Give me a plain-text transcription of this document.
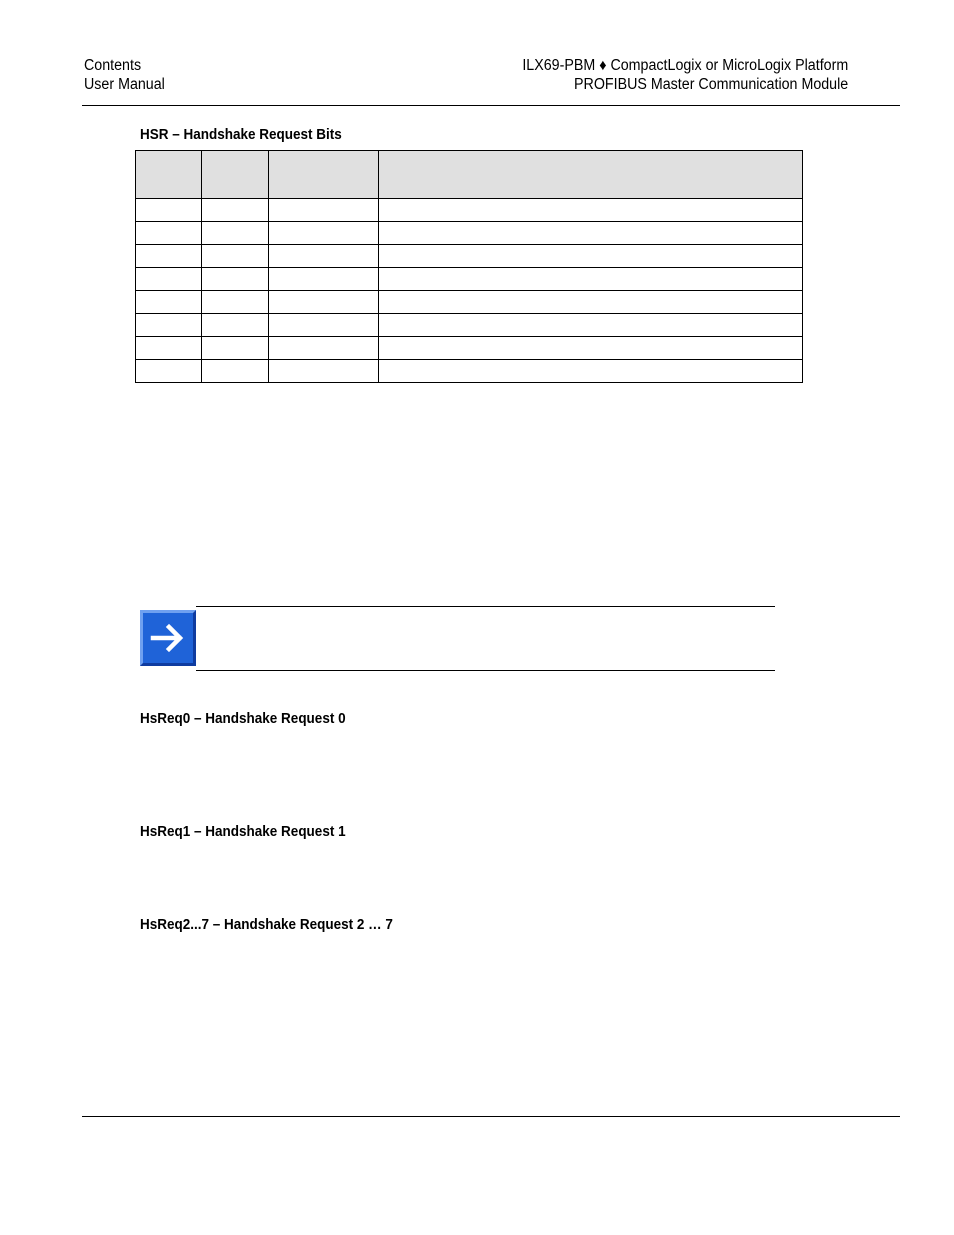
Contents
User Manual
ILX69-PBM ♦ CompactLogix or MicroLogix Platform
PROFIBUS Master Communication Module
HSR – Handshake Request Bits

HsReq0 – Handshake Request 0
HsReq1 – Handshake Request 1
HsReq2...7 – Handshake Request 2 … 7
